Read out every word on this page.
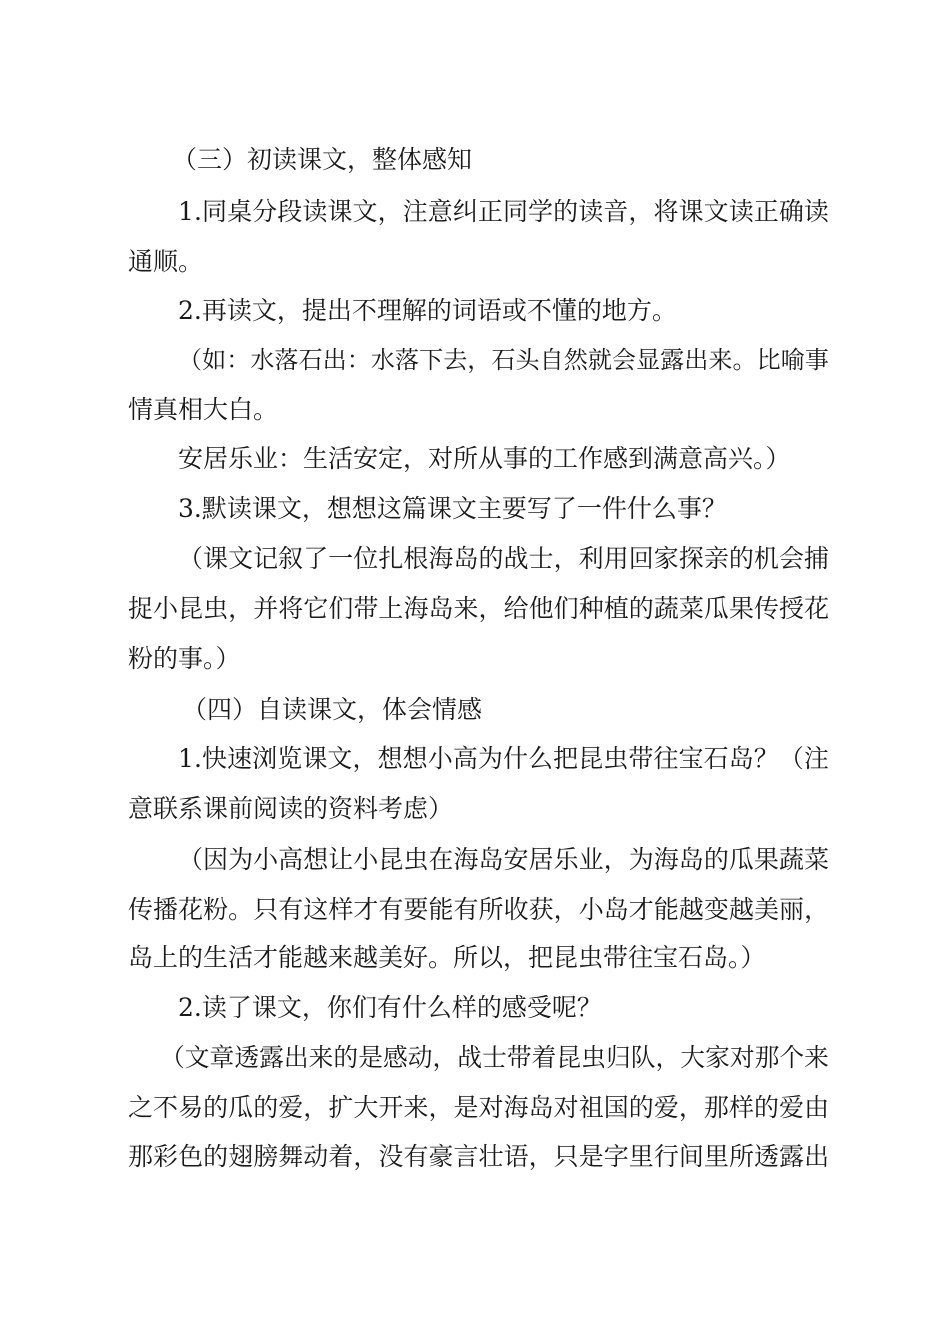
（三）初读课文，整体感知
1.同桌分段读课文，注意纠正同学的读音，将课文读正确读
通顺。
2.再读文，提出不理解的词语或不懂的地方。
（如：水落石出：水落下去，石头自然就会显露出来。比喻事
情真相大白。
安居乐业：生活安定，对所从事的工作感到满意高兴。）
3.默读课文，想想这篇课文主要写了一件什么事？
（课文记叙了一位扎根海岛的战士，利用回家探亲的机会捕
捉小昆虫，并将它们带上海岛来，给他们种植的蔬菜瓜果传授花
粉的事。）
（四）自读课文，体会情感
1.快速浏览课文，想想小高为什么把昆虫带往宝石岛？（注
意联系课前阅读的资料考虑）
（因为小高想让小昆虫在海岛安居乐业，为海岛的瓜果蔬菜
传播花粉。只有这样才有要能有所收获，小岛才能越变越美丽，
岛上的生活才能越来越美好。所以，把昆虫带往宝石岛。）
2.读了课文，你们有什么样的感受呢？
（文章透露出来的是感动，战士带着昆虫归队，大家对那个来
之不易的瓜的爱，扩大开来，是对海岛对祖国的爱，那样的爱由
那彩色的翅膀舞动着，没有豪言壮语，只是字里行间里所透露出
